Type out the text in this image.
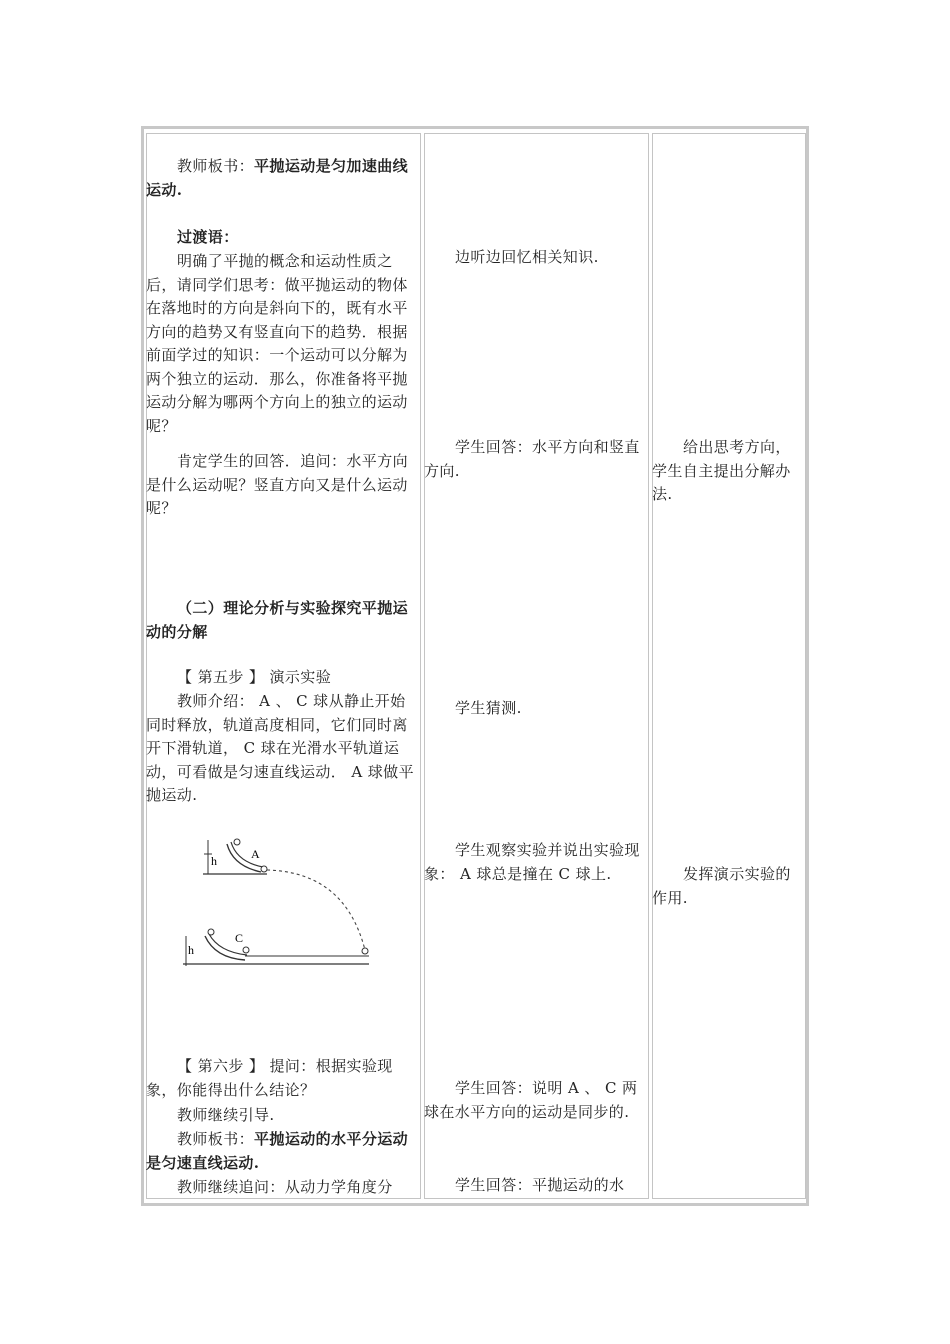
教师板书：平抛运动是匀加速曲线运动.
过渡语：
明确了平抛的概念和运动性质之后，请同学们思考：做平抛运动的物体在落地时的方向是斜向下的，既有水平方向的趋势又有竖直向下的趋势．根据前面学过的知识：一个运动可以分解为两个独立的运动．那么，你准备将平抛运动分解为哪两个方向上的独立的运动呢？
肯定学生的回答．追问：水平方向是什么运动呢？竖直方向又是什么运动呢？
（二）理论分析与实验探究平抛运动的分解
【 第五步 】 演示实验
教师介绍： A 、 C 球从静止开始同时释放，轨道高度相同，它们同时离开下滑轨道， C 球在光滑水平轨道运动，可看做是匀速直线运动． A 球做平抛运动.
h	A
h
C
【 第六步 】 提问：根据实验现象，你能得出什么结论？
教师继续引导.
教师板书：平抛运动的水平分运动是匀速直线运动.
教师继续追问：从动力学角度分
边听边回忆相关知识.
学生回答：水平方向和竖直方向.
学生猜测.
学生观察实验并说出实验现象： A 球总是撞在 C 球上.
学生回答：说明 A 、 C 两球在水平方向的运动是同步的.
学生回答：平抛运动的水
给出思考方向，学生自主提出分解办法.
发挥演示实验的作用.
